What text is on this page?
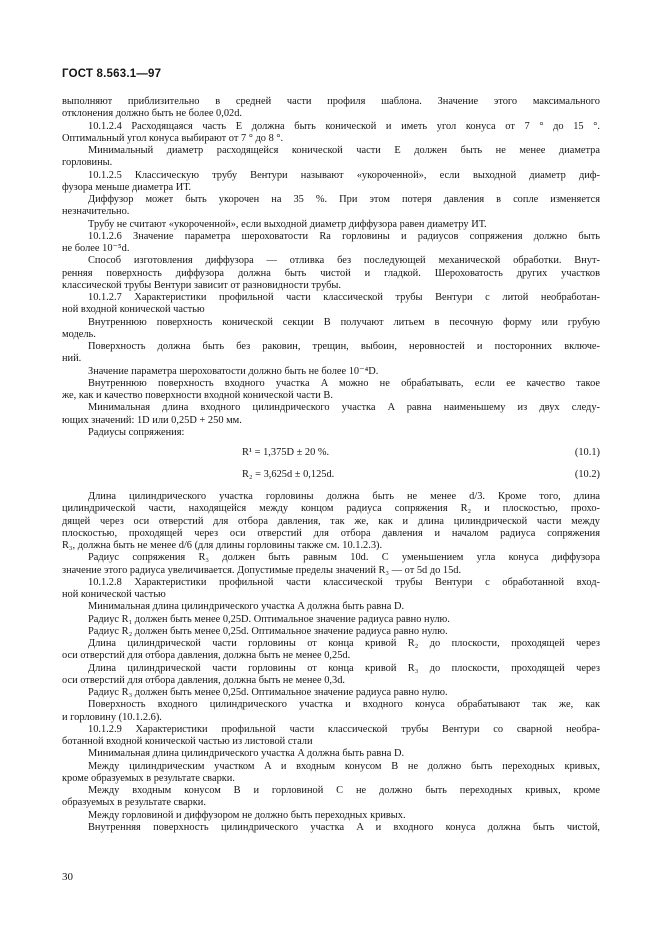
ГОСТ 8.563.1—97
выполняют приблизительно в средней части профиля шаблона. Значение этого максимального
отклонения должно быть не более 0,02d.
10.1.2.4 Расходящаяся часть E должна быть конической и иметь угол конуса от 7 ° до 15 °.
Оптимальный угол конуса выбирают от 7 ° до 8 °.
Минимальный диаметр расходящейся конической части E должен быть не менее диаметра
горловины.
10.1.2.5 Классическую трубу Вентури называют «укороченной», если выходной диаметр диф-
фузора меньше диаметра ИТ.
Диффузор может быть укорочен на 35 %. При этом потеря давления в сопле изменяется
незначительно.
Трубу не считают «укороченной», если выходной диаметр диффузора равен диаметру ИТ.
10.1.2.6 Значение параметра шероховатости Ra горловины и радиусов сопряжения должно быть
не более 10⁻⁵d.
Способ изготовления диффузора — отливка без последующей механической обработки. Внут-
ренняя поверхность диффузора должна быть чистой и гладкой. Шероховатость других участков
классической трубы Вентури зависит от разновидности трубы.
10.1.2.7 Характеристики профильной части классической трубы Вентури с литой необработан-
ной входной конической частью
Внутреннюю поверхность конической секции B получают литьем в песочную форму или грубую
модель.
Поверхность должна быть без раковин, трещин, выбоин, неровностей и посторонних включе-
ний.
Значение параметра шероховатости должно быть не более 10⁻⁴D.
Внутреннюю поверхность входного участка A можно не обрабатывать, если ее качество такое
же, как и качество поверхности входной конической части B.
Минимальная длина входного цилиндрического участка A равна наименьшему из двух следу-
ющих значений: 1D или 0,25D + 250 мм.
Радиусы сопряжения:
R¹ = 1,375D ± 20 %.	(10.1)
R₂ = 3,625d ± 0,125d.	(10.2)
Длина цилиндрического участка горловины должна быть не менее d/3. Кроме того, длина
цилиндрической части, находящейся между концом радиуса сопряжения R₂ и плоскостью, прохо-
дящей через оси отверстий для отбора давления, так же, как и длина цилиндрической части между
плоскостью, проходящей через оси отверстий для отбора давления и началом радиуса сопряжения
R₃, должна быть не менее d/6 (для длины горловины также см. 10.1.2.3).
Радиус сопряжения R₃ должен быть равным 10d. С уменьшением угла конуса диффузора
значение этого радиуса увеличивается. Допустимые пределы значений R₃ — от 5d до 15d.
10.1.2.8 Характеристики профильной части классической трубы Вентури с обработанной вход-
ной конической частью
Минимальная длина цилиндрического участка A должна быть равна D.
Радиус R₁ должен быть менее 0,25D. Оптимальное значение радиуса равно нулю.
Радиус R₂ должен быть менее 0,25d. Оптимальное значение радиуса равно нулю.
Длина цилиндрической части горловины от конца кривой R₂ до плоскости, проходящей через
оси отверстий для отбора давления, должна быть не менее 0,25d.
Длина цилиндрической части горловины от конца кривой R₃ до плоскости, проходящей через
оси отверстий для отбора давления, должна быть не менее 0,3d.
Радиус R₃ должен быть менее 0,25d. Оптимальное значение радиуса равно нулю.
Поверхность входного цилиндрического участка и входного конуса обрабатывают так же, как
и горловину (10.1.2.6).
10.1.2.9 Характеристики профильной части классической трубы Вентури со сварной необра-
ботанной входной конической частью из листовой стали
Минимальная длина цилиндрического участка A должна быть равна D.
Между цилиндрическим участком A и входным конусом B не должно быть переходных кривых,
кроме образуемых в результате сварки.
Между входным конусом B и горловиной C не должно быть переходных кривых, кроме
образуемых в результате сварки.
Между горловиной и диффузором не должно быть переходных кривых.
Внутренняя поверхность цилиндрического участка A и входного конуса должна быть чистой,
30
